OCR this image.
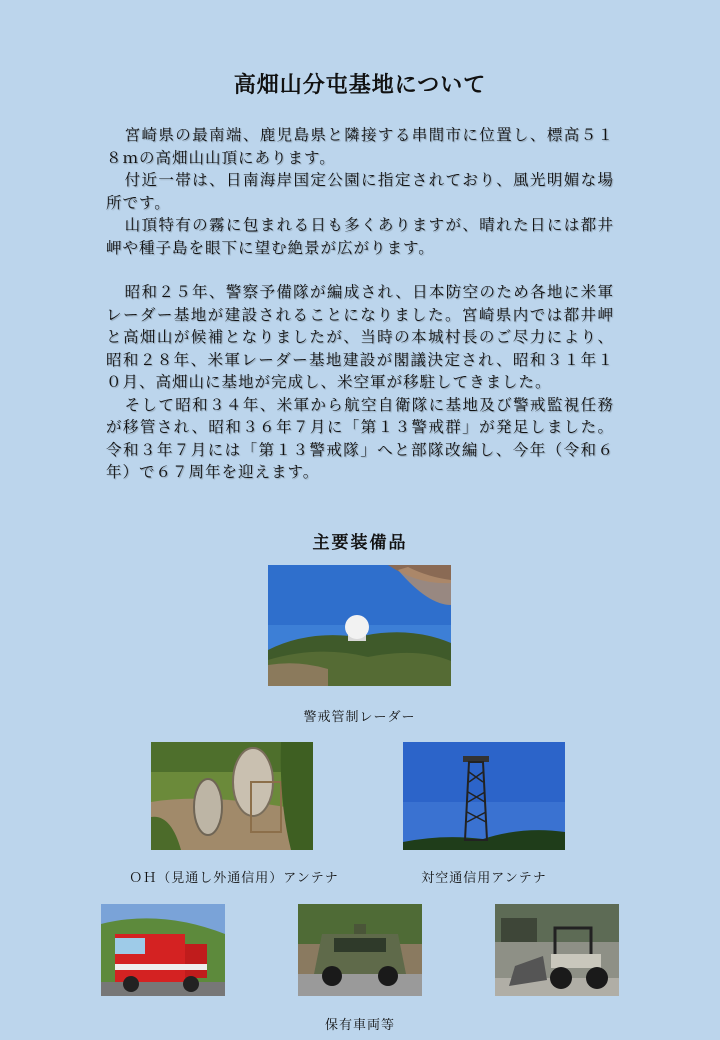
高畑山分屯基地について

宮崎県の最南端、鹿児島県と隣接する串間市に位置し、標高５１８ｍの高畑山山頂にあります。

付近一帯は、日南海岸国定公園に指定されており、風光明媚な場所です。

山頂特有の霧に包まれる日も多くありますが、晴れた日には都井岬や種子島を眼下に望む絶景が広がります。

昭和２５年、警察予備隊が編成され、日本防空のため各地に米軍レーダー基地が建設されることになりました。宮崎県内では都井岬と高畑山が候補となりましたが、当時の本城村長のご尽力により、昭和２８年、米軍レーダー基地建設が閣議決定され、昭和３１年１０月、高畑山に基地が完成し、米空軍が移駐してきました。

そして昭和３４年、米軍から航空自衛隊に基地及び警戒監視任務が移管され、昭和３６年７月に「第１３警戒群」が発足しました。令和３年７月には「第１３警戒隊」へと部隊改編し、今年（令和６年）で６７周年を迎えます。

主要装備品
警戒管制レーダー
ＯＨ（見通し外通信用）アンテナ	対空通信用アンテナ
保有車両等
